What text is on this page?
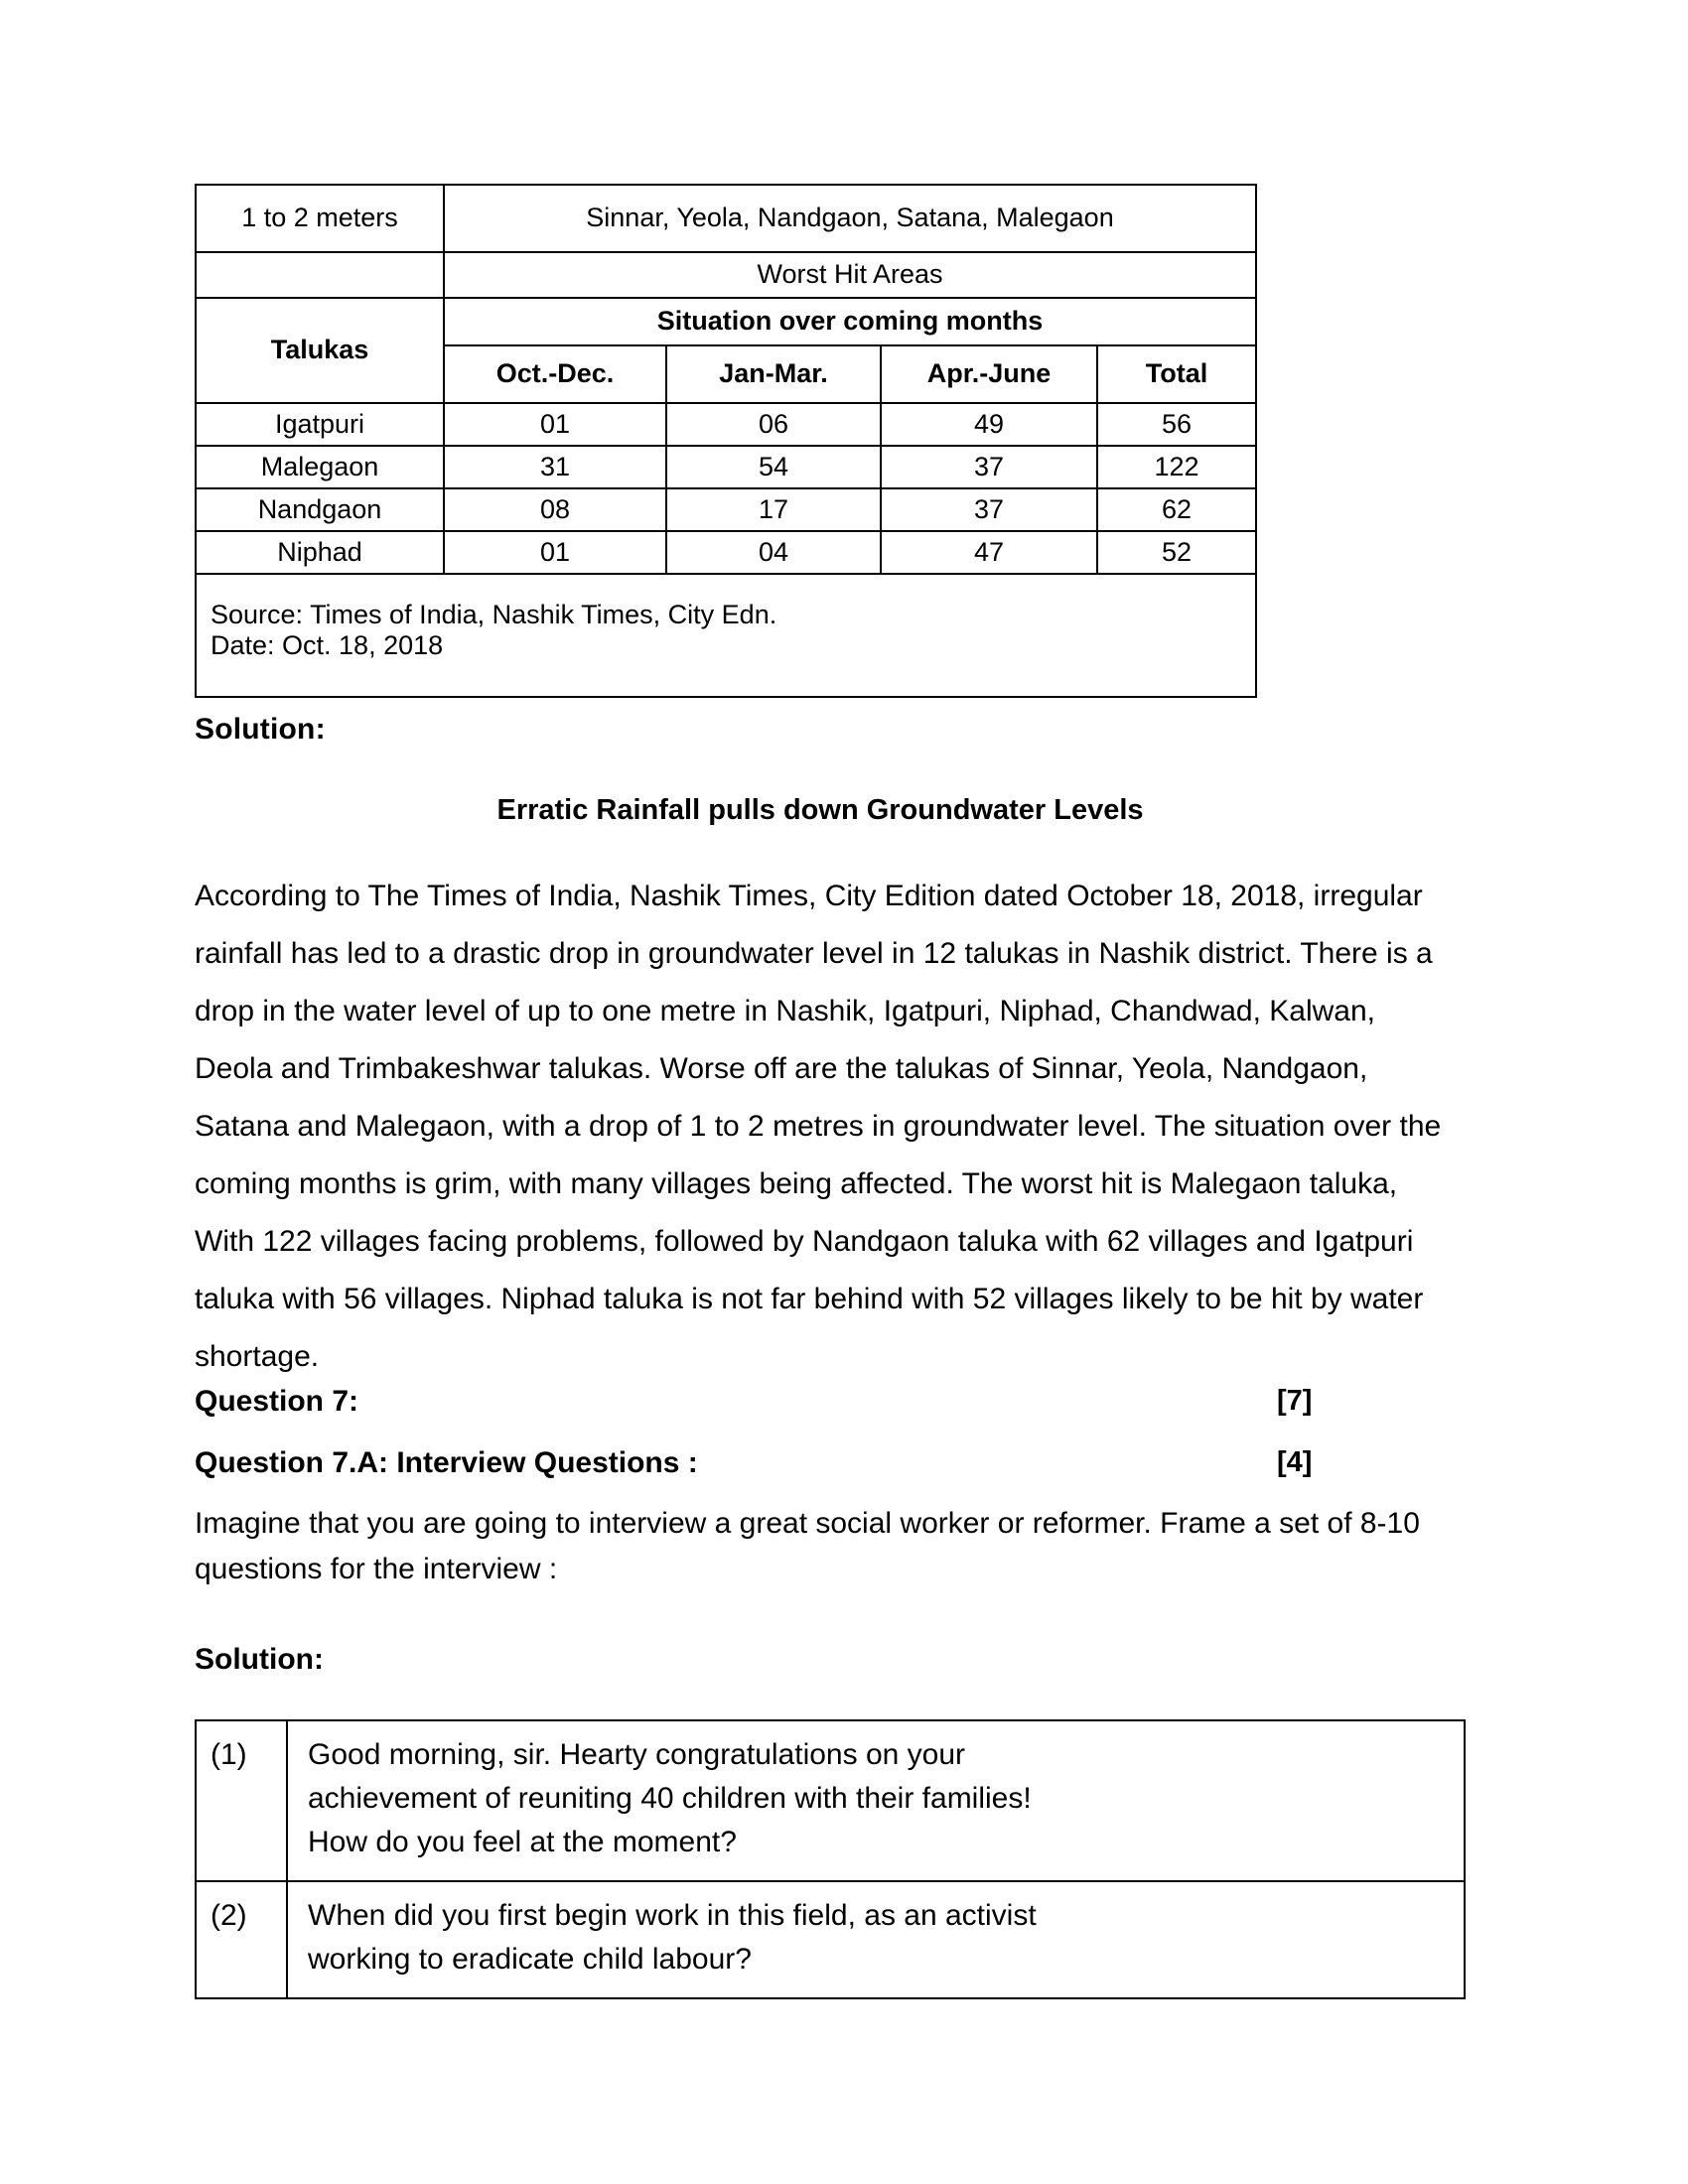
1 to 2 meters	Sinnar, Yeola, Nandgaon, Satana, Malegaon			
	Worst Hit Areas			
Talukas	Situation over coming months			
	Oct.-Dec.	Jan-Mar.	Apr.-June	Total
Igatpuri	01	06	49	56
Malegaon	31	54	37	122
Nandgaon	08	17	37	62
Niphad	01	04	47	52

Source: Times of India, Nashik Times, City Edn.
Date: Oct. 18, 2018				
Solution:
Erratic Rainfall pulls down Groundwater Levels
According to The Times of India, Nashik Times, City Edition dated October 18, 2018, irregular rainfall has led to a drastic drop in groundwater level in 12 talukas in Nashik district. There is a drop in the water level of up to one metre in Nashik, Igatpuri, Niphad, Chandwad, Kalwan, Deola and Trimbakeshwar talukas. Worse off are the talukas of Sinnar, Yeola, Nandgaon, Satana and Malegaon, with a drop of 1 to 2 metres in groundwater level. The situation over the coming months is grim, with many villages being affected. The worst hit is Malegaon taluka, With 122 villages facing problems, followed by Nandgaon taluka with 62 villages and Igatpuri taluka with 56 villages. Niphad taluka is not far behind with 52 villages likely to be hit by water shortage.
Question 7:	[7]
Question 7.A: Interview Questions :	[4]
Imagine that you are going to interview a great social worker or reformer. Frame a set of 8-10 questions for the interview :
Solution:
(1)	Good morning, sir. Hearty congratulations on your
achievement of reuniting 40 children with their families!
How do you feel at the moment?

(2)	When did you first begin work in this field, as an activist
working to eradicate child labour?
